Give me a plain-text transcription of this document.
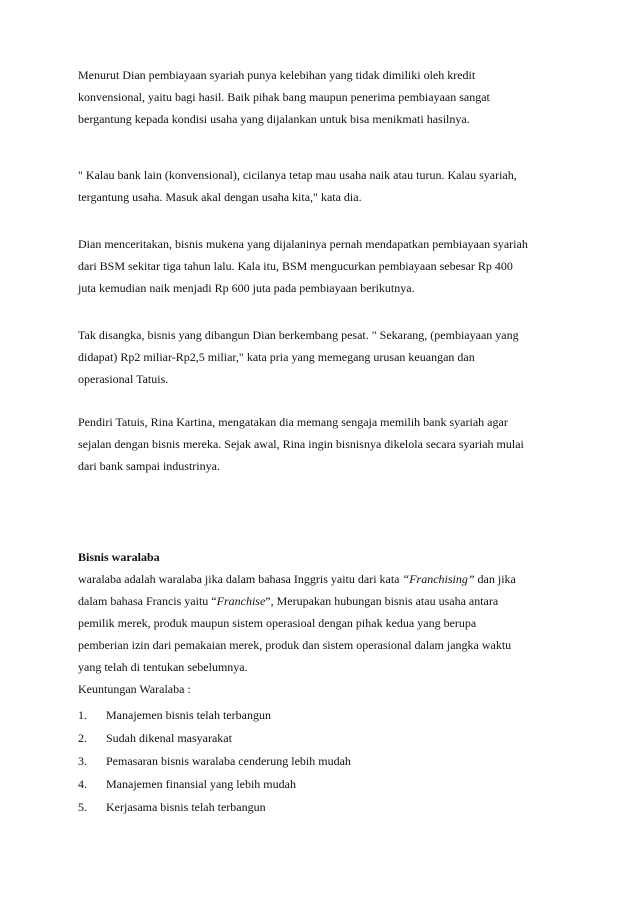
Menurut Dian pembiayaan syariah punya kelebihan yang tidak dimiliki oleh kredit
konvensional, yaitu bagi hasil. Baik pihak bang maupun penerima pembiayaan sangat
bergantung kepada kondisi usaha yang dijalankan untuk bisa menikmati hasilnya.
" Kalau bank lain (konvensional), cicilanya tetap mau usaha naik atau turun. Kalau syariah,
tergantung usaha. Masuk akal dengan usaha kita," kata dia.
Dian menceritakan, bisnis mukena yang dijalaninya pernah mendapatkan pembiayaan syariah
dari BSM sekitar tiga tahun lalu. Kala itu, BSM mengucurkan pembiayaan sebesar Rp 400
juta kemudian naik menjadi Rp 600 juta pada pembiayaan berikutnya.
Tak disangka, bisnis yang dibangun Dian berkembang pesat. " Sekarang, (pembiayaan yang
didapat) Rp2 miliar-Rp2,5 miliar," kata pria yang memegang urusan keuangan dan
operasional Tatuis.
Pendiri Tatuis, Rina Kartina, mengatakan dia memang sengaja memilih bank syariah agar
sejalan dengan bisnis mereka. Sejak awal, Rina ingin bisnisnya dikelola secara syariah mulai
dari bank sampai industrinya.
Bisnis waralaba
waralaba adalah waralaba jika dalam bahasa Inggris yaitu dari kata “Franchising” dan jika
dalam bahasa Francis yaitu “Franchise”, Merupakan hubungan bisnis atau usaha antara
pemilik merek, produk maupun sistem operasioal dengan pihak kedua yang berupa
pemberian izin dari pemakaian merek, produk dan sistem operasional dalam jangka waktu
yang telah di tentukan sebelumnya.
Keuntungan Waralaba :
1. Manajemen bisnis telah terbangun
2. Sudah dikenal masyarakat
3. Pemasaran bisnis waralaba cenderung lebih mudah
4. Manajemen finansial yang lebih mudah
5. Kerjasama bisnis telah terbangun
